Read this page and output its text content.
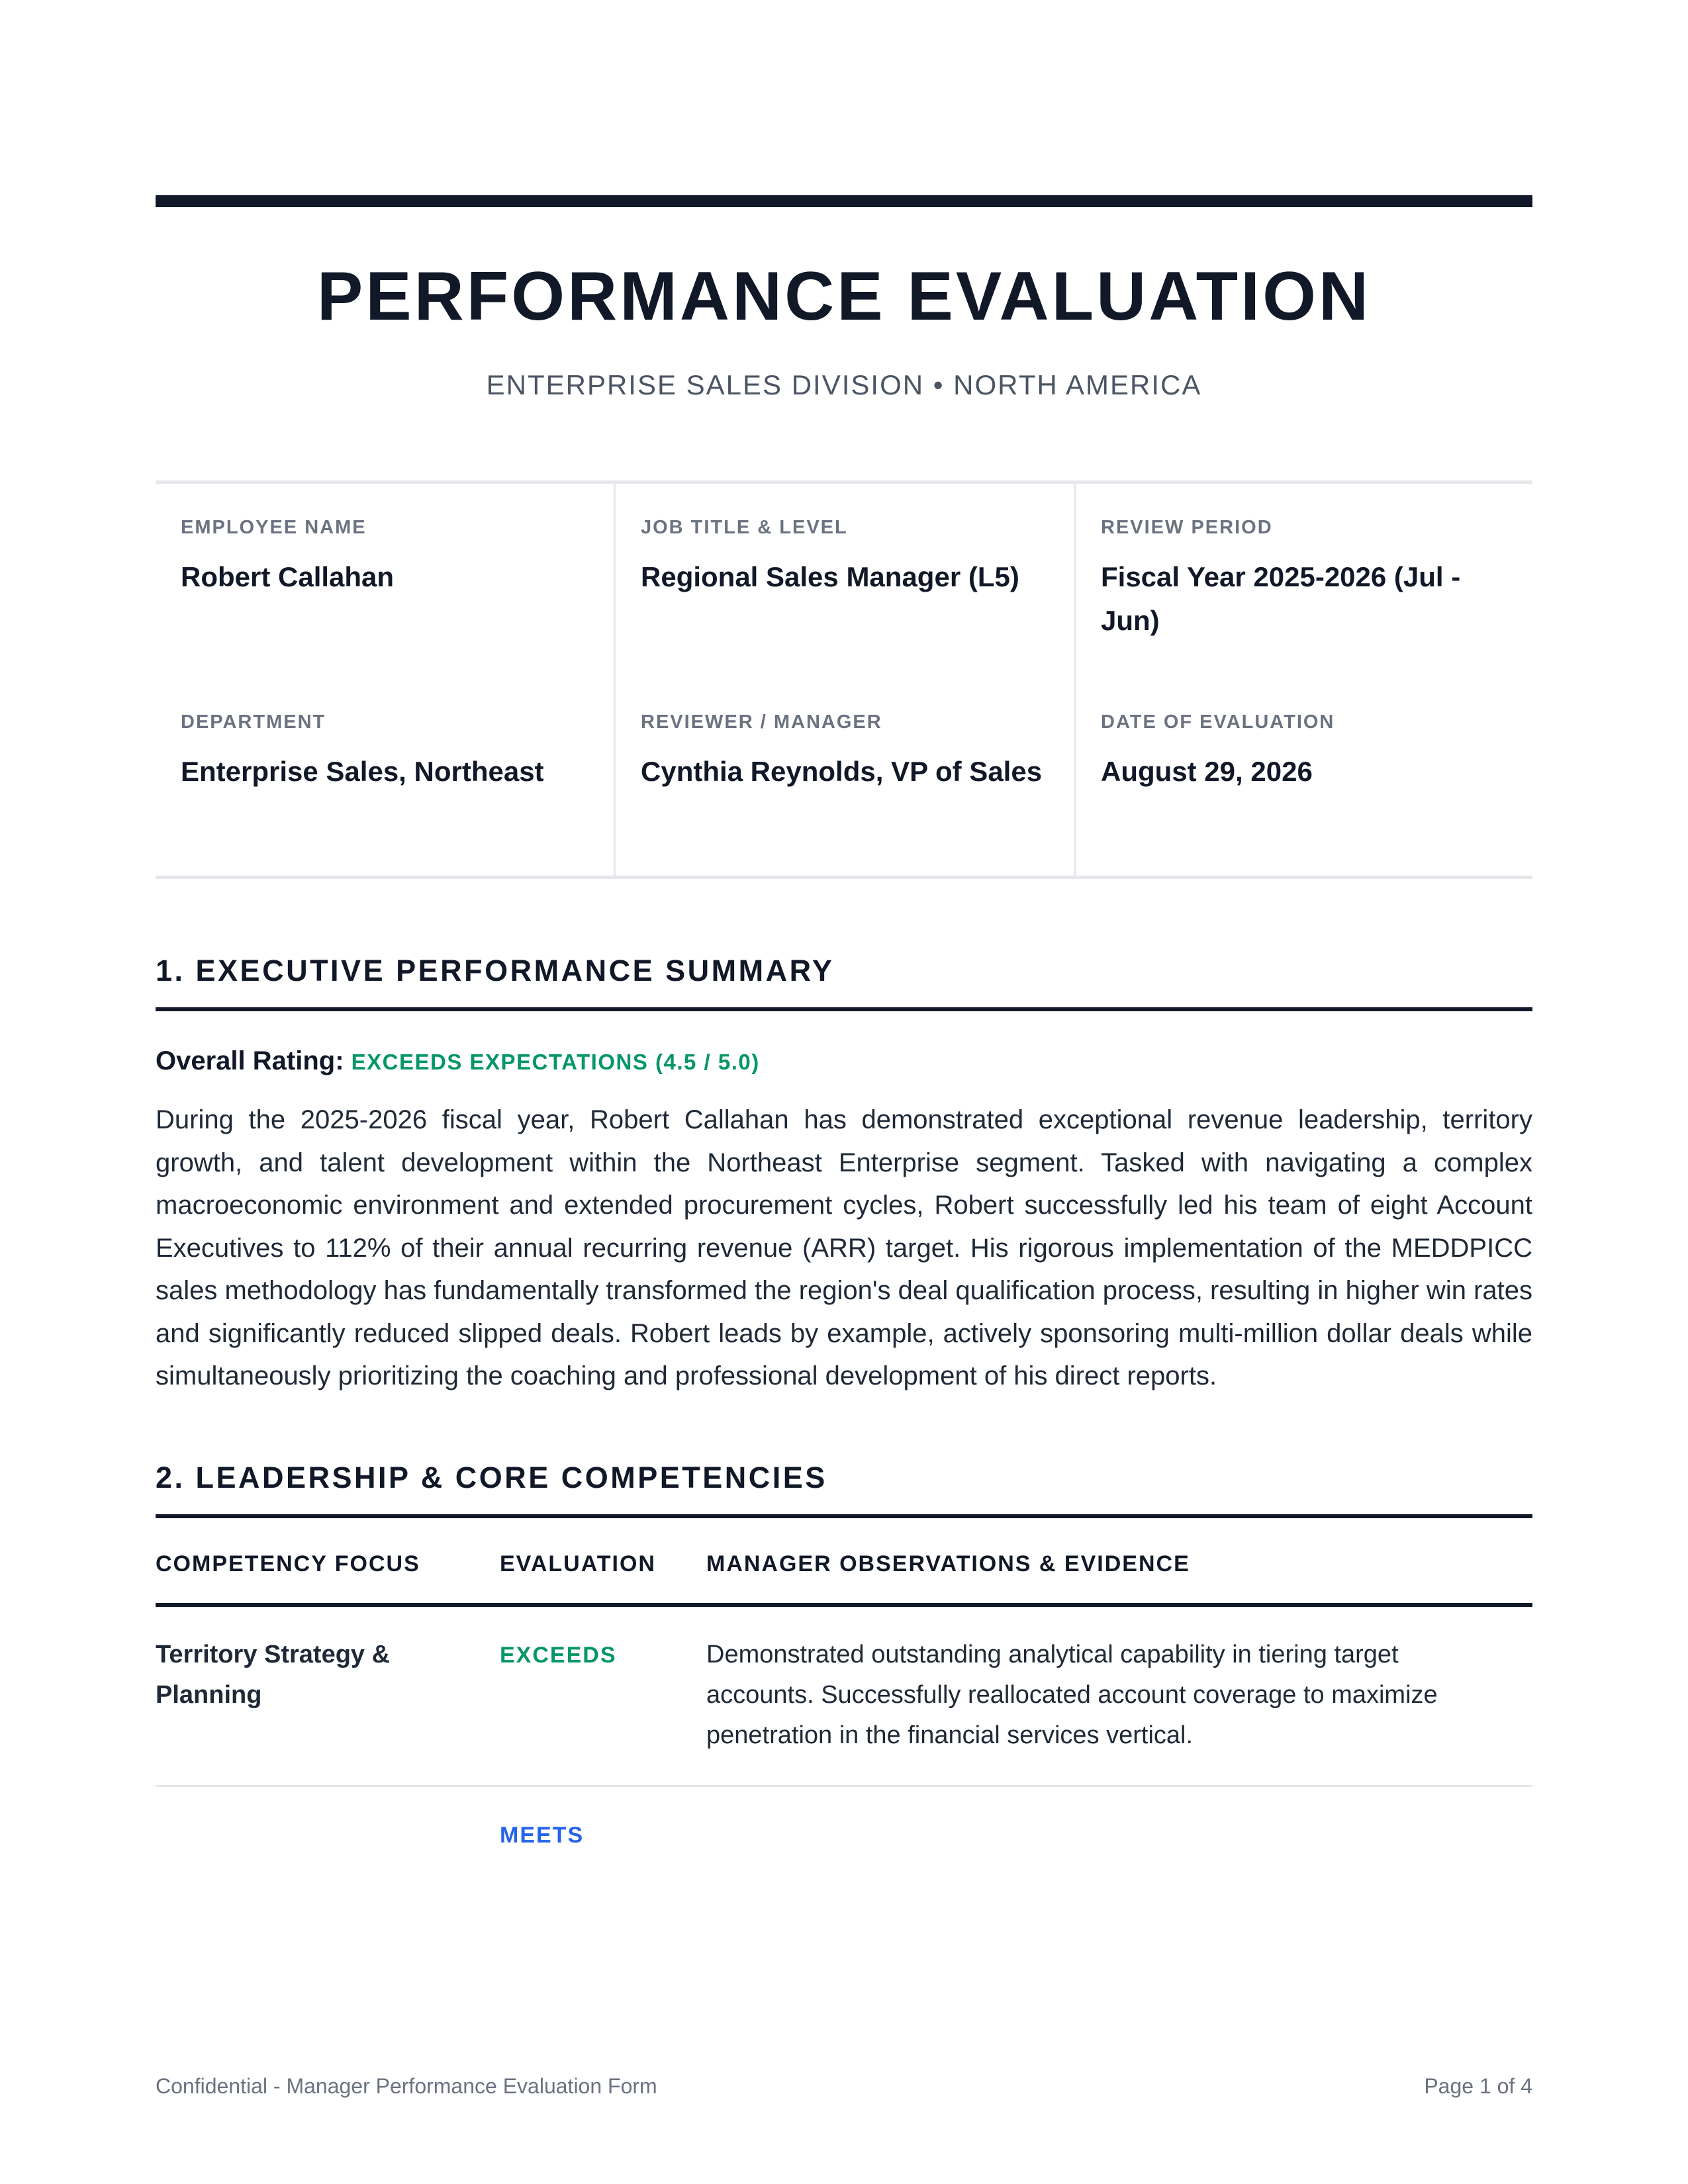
PERFORMANCE EVALUATION
ENTERPRISE SALES DIVISION • NORTH AMERICA
EMPLOYEE NAME
Robert Callahan
JOB TITLE & LEVEL
Regional Sales Manager (L5)
REVIEW PERIOD
Fiscal Year 2025-2026 (Jul - Jun)
DEPARTMENT
Enterprise Sales, Northeast
REVIEWER / MANAGER
Cynthia Reynolds, VP of Sales
DATE OF EVALUATION
August 29, 2026
1. EXECUTIVE PERFORMANCE SUMMARY
Overall Rating: EXCEEDS EXPECTATIONS (4.5 / 5.0)
During the 2025-2026 fiscal year, Robert Callahan has demonstrated exceptional revenue leadership, territory growth, and talent development within the Northeast Enterprise segment. Tasked with navigating a complex macroeconomic environment and extended procurement cycles, Robert successfully led his team of eight Account Executives to 112% of their annual recurring revenue (ARR) target. His rigorous implementation of the MEDDPICC sales methodology has fundamentally transformed the region's deal qualification process, resulting in higher win rates and significantly reduced slipped deals. Robert leads by example, actively sponsoring multi-million dollar deals while simultaneously prioritizing the coaching and professional development of his direct reports.
2. LEADERSHIP & CORE COMPETENCIES
COMPETENCY FOCUS	EVALUATION	MANAGER OBSERVATIONS & EVIDENCE
Territory Strategy & Planning	EXCEEDS	Demonstrated outstanding analytical capability in tiering target accounts. Successfully reallocated account coverage to maximize penetration in the financial services vertical.
	MEETS	
Confidential - Manager Performance Evaluation Form	Page 1 of 4
